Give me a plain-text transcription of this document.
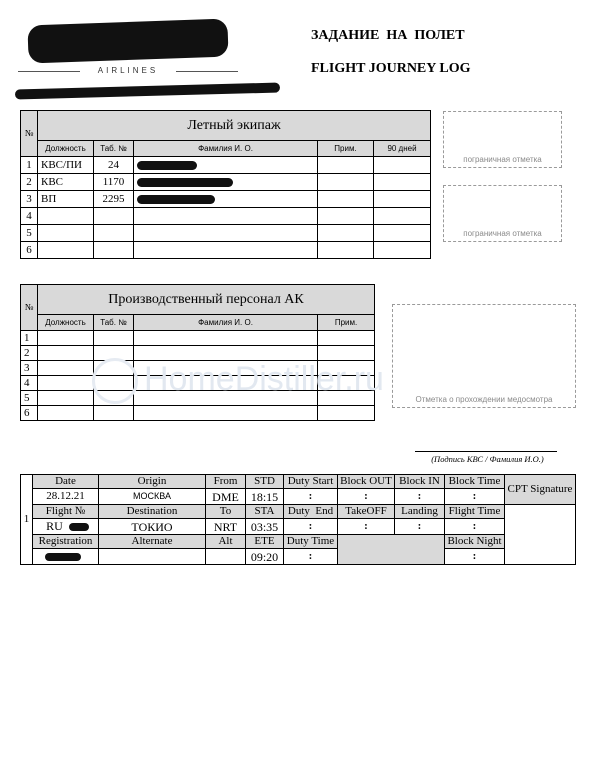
AIRLINES
ЗАДАНИЕ  НА  ПОЛЕТ
FLIGHT JOURNEY LOG
№	Летный экипаж				
	Должность	Таб. №	Фамилия И. О.	Прим.	90 дней
1	КВС/ПИ	24	

2	КВС	1170	

3	ВП	2295	

4					
5					
6					
пограничная отметка
пограничная отметка
№	Производственный персонал АК			
	Должность	Таб. №	Фамилия И. О.	Прим.
1				
2				
3				
4				
5				
6				
Отметка о прохождении медосмотра
HomeDistiller.ru
(Подпись КВС / Фамилия И.О.)
1	Date	Origin	From	STD	Duty Start	Block OUT	Block IN	Block Time	CPT Signature
	28.12.21	МОСКВА	DME	18:15	:	:	:	:	
	Flight №	Destination	To	STA	Duty  End	TakeOFF	Landing	Flight Time	
	RU	ТОКИО	NRT	03:35	:	:	:	:	
	Registration	Alternate	Alt	ETE	Duty Time			Block Night	

				09:20	:			:	
